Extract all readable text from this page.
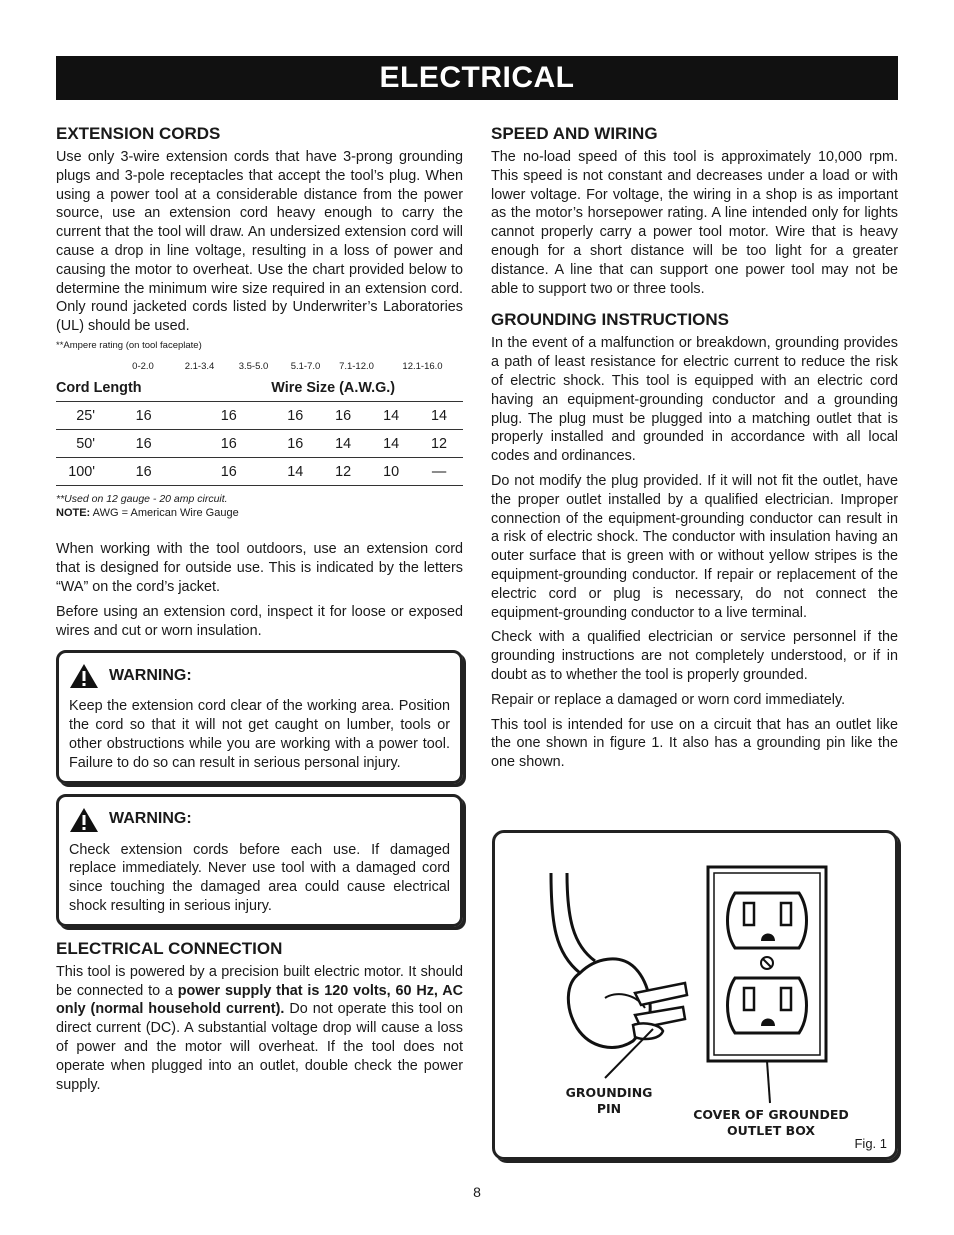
ELECTRICAL
EXTENSION CORDS

Use only 3-wire extension cords that have 3-prong grounding plugs and 3-pole receptacles that accept the tool’s plug. When using a power tool at a considerable distance from the power source, use an extension cord heavy enough to carry the current that the tool will draw. An undersized extension cord will cause a drop in line voltage, resulting in a loss of power and causing the motor to overheat. Use the chart provided below to determine the minimum wire size required in an extension cord. Only round jacketed cords listed by Underwriter’s Laboratories (UL) should be used.

**Ampere rating (on tool faceplate)
0-2.0	2.1-3.4	3.5-5.0	5.1-7.0	7.1-12.0	12.1-16.0
Cord Length			Wire Size (A.W.G.)			
25'	16	16	16	16	14	14
50'	16	16	16	14	14	12
100'	16	16	14	12	10	—
**Used on 12 gauge - 20 amp circuit.
NOTE: AWG = American Wire Gauge

When working with the tool outdoors, use an extension cord that is designed for outside use. This is indicated by the letters “WA” on the cord’s jacket.

Before using an extension cord, inspect it for loose or exposed wires and cut or worn insulation.

WARNING:

Keep the extension cord clear of the working area. Position the cord so that it will not get caught on lumber, tools or other obstructions while you are working with a power tool. Failure to do so can result in serious personal injury.

WARNING:

Check extension cords before each use. If damaged replace immediately. Never use tool with a damaged cord since touching the damaged area could cause electrical shock resulting in serious injury.

ELECTRICAL CONNECTION

This tool is powered by a precision built electric motor. It should be connected to a power supply that is 120 volts, 60 Hz, AC only (normal household current). Do not operate this tool on direct current (DC). A substantial voltage drop will cause a loss of power and the motor will overheat. If the tool does not operate when plugged into an outlet, double check the power supply.

SPEED AND WIRING

The no-load speed of this tool is approximately 10,000 rpm. This speed is not constant and decreases under a load or with lower voltage. For voltage, the wiring in a shop is as important as the motor’s horsepower rating. A line intended only for lights cannot properly carry a power tool motor. Wire that is heavy enough for a short distance will be too light for a greater distance. A line that can support one power tool may not be able to support two or three tools.

GROUNDING INSTRUCTIONS

In the event of a malfunction or breakdown, grounding provides a path of least resistance for electric current to reduce the risk of electric shock. This tool is equipped with an electric cord having an equipment-grounding conductor and a grounding plug. The plug must be plugged into a matching outlet that is properly installed and grounded in accordance with all local codes and ordinances.

Do not modify the plug provided. If it will not fit the outlet, have the proper outlet installed by a qualified electrician. Improper connection of the equipment-grounding conductor can result in a risk of electric shock. The conductor with insulation having an outer surface that is green with or without yellow stripes is the equipment-grounding conductor. If repair or replacement of the electric cord or plug is necessary, do not connect the equipment-grounding conductor to a live terminal.

Check with a qualified electrician or service personnel if the grounding instructions are not completely understood, or if in doubt as to whether the tool is properly grounded.

Repair or replace a damaged or worn cord immediately.

This tool is intended for use on a circuit that has an outlet like the one shown in figure 1. It also has a grounding pin like the one shown.

GROUNDING PIN	COVER OF GROUNDED OUTLET BOX
Fig. 1
8
